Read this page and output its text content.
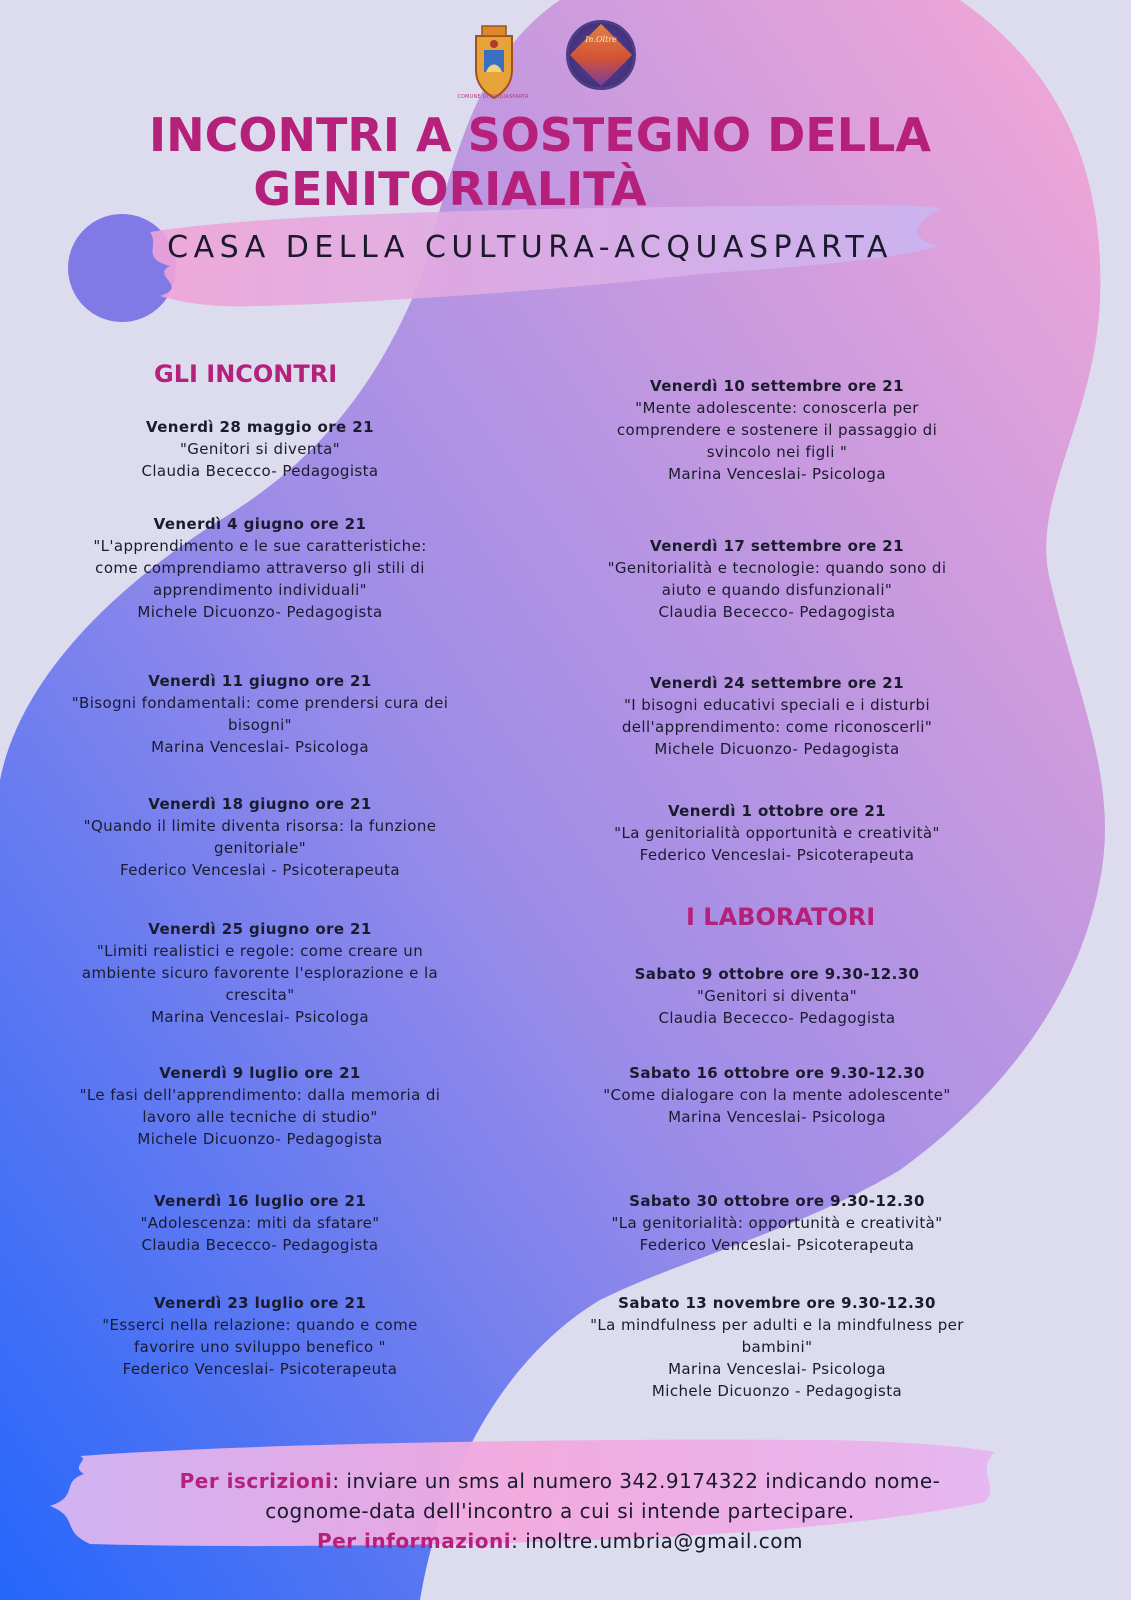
COMUNE DI ACQUASPARTA
In.Oltre
INCONTRI A SOSTEGNO DELLA
GENITORIALITÀ
CASA DELLA CULTURA-ACQUASPARTA
GLI INCONTRI
Venerdì 28 maggio ore 21
"Genitori si diventa"
Claudia Bececco- Pedagogista
Venerdì 4 giugno ore 21
"L'apprendimento e le sue caratteristiche: come comprendiamo attraverso gli stili di apprendimento individuali"
Michele Dicuonzo- Pedagogista
Venerdì 11 giugno ore 21
"Bisogni fondamentali: come prendersi cura dei bisogni"
Marina Venceslai- Psicologa
Venerdì 18 giugno ore 21
"Quando il limite diventa risorsa: la funzione genitoriale"
Federico Venceslai - Psicoterapeuta
Venerdì 25 giugno ore 21
"Limiti realistici e regole: come creare un ambiente sicuro favorente l'esplorazione e la crescita"
Marina Venceslai- Psicologa
Venerdì 9 luglio ore 21
"Le fasi dell'apprendimento: dalla memoria di lavoro alle tecniche di studio"
Michele Dicuonzo- Pedagogista
Venerdì 16 luglio ore 21
"Adolescenza: miti da sfatare"
Claudia Bececco- Pedagogista
Venerdì 23 luglio ore 21
"Esserci nella relazione: quando e come favorire uno sviluppo benefico "
Federico Venceslai- Psicoterapeuta
Venerdì 10 settembre ore 21
"Mente adolescente: conoscerla per comprendere e sostenere il passaggio di svincolo nei figli "
Marina Venceslai- Psicologa
Venerdì 17 settembre ore 21
"Genitorialità e tecnologie: quando sono di aiuto e quando disfunzionali"
Claudia Bececco- Pedagogista
Venerdì 24 settembre ore 21
"I bisogni educativi speciali e i disturbi dell'apprendimento: come riconoscerli"
Michele Dicuonzo- Pedagogista
Venerdì 1 ottobre ore 21
"La genitorialità opportunità e creatività"
Federico Venceslai- Psicoterapeuta
I LABORATORI
Sabato 9 ottobre ore 9.30-12.30
"Genitori si diventa"
Claudia Bececco- Pedagogista
Sabato 16 ottobre ore 9.30-12.30
"Come dialogare con la mente adolescente"
Marina Venceslai- Psicologa
Sabato 30 ottobre ore 9.30-12.30
"La genitorialità: opportunità e creatività"
Federico Venceslai- Psicoterapeuta
Sabato 13 novembre ore 9.30-12.30
"La mindfulness per adulti e la mindfulness per bambini"
Marina Venceslai- Psicologa
Michele Dicuonzo - Pedagogista
Per iscrizioni: inviare un sms al numero 342.9174322 indicando nome-cognome-data dell'incontro a cui si intende partecipare.
Per informazioni: inoltre.umbria@gmail.com
